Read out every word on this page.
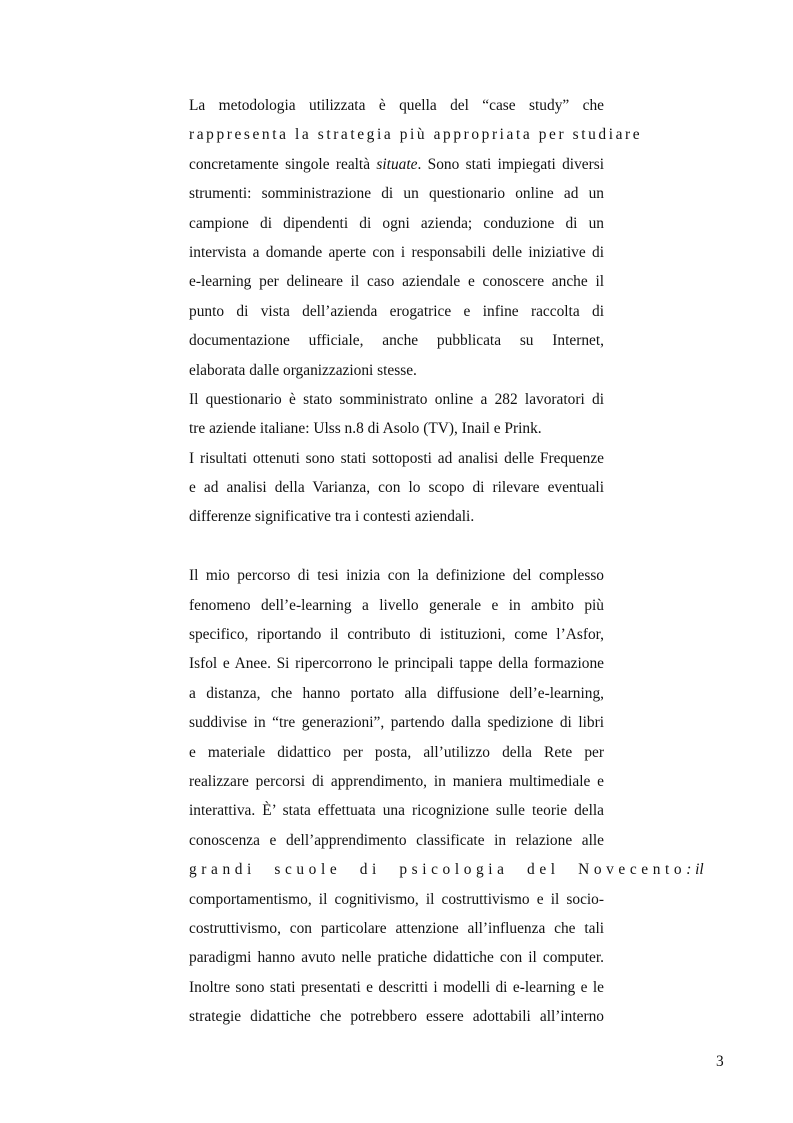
La metodologia utilizzata è quella del “case study” che
rappresenta la strategia più appropriata per studiare
concretamente singole realtà situate. Sono stati impiegati diversi
strumenti: somministrazione di un questionario online ad un
campione di dipendenti di ogni azienda; conduzione di un
intervista a domande aperte con i responsabili delle iniziative di
e-learning per delineare il caso aziendale e conoscere anche il
punto di vista dell’azienda erogatrice e infine raccolta di
documentazione ufficiale, anche pubblicata su Internet,
elaborata dalle organizzazioni stesse.
Il questionario è stato somministrato online a 282 lavoratori di
tre aziende italiane: Ulss n.8 di Asolo (TV), Inail e Prink.
I risultati ottenuti sono stati sottoposti ad analisi delle Frequenze
e ad analisi della Varianza, con lo scopo di rilevare eventuali
differenze significative tra i contesti aziendali.
Il mio percorso di tesi inizia con la definizione del complesso
fenomeno dell’e-learning a livello generale e in ambito più
specifico, riportando il contributo di istituzioni, come l’Asfor,
Isfol e Anee. Si ripercorrono le principali tappe della formazione
a distanza, che hanno portato alla diffusione dell’e-learning,
suddivise in “tre generazioni”, partendo dalla spedizione di libri
e materiale didattico per posta, all’utilizzo della Rete per
realizzare percorsi di apprendimento, in maniera multimediale e
interattiva. È’ stata effettuata una ricognizione sulle teorie della
conoscenza e dell’apprendimento classificate in relazione alle
grandi scuole di psicologia del Novecento: il
comportamentismo, il cognitivismo, il costruttivismo e il socio-
costruttivismo, con particolare attenzione all’influenza che tali
paradigmi hanno avuto nelle pratiche didattiche con il computer.
Inoltre sono stati presentati e descritti i modelli di e-learning e le
strategie didattiche che potrebbero essere adottabili all’interno
3
